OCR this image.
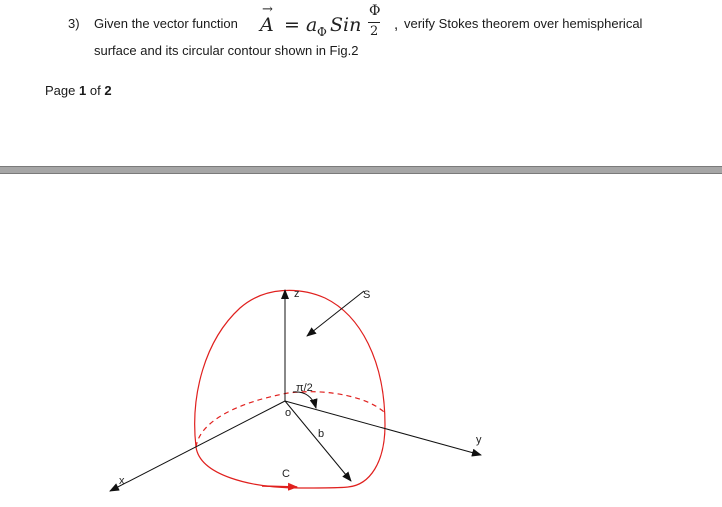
3) Given the vector function
→
A = a Φ Sin
Φ
2 , verify Stokes theorem over hemispherical
surface and its circular contour shown in Fig.2
Page 1 of 2
z	S
π/2
o
b
C
y
x
